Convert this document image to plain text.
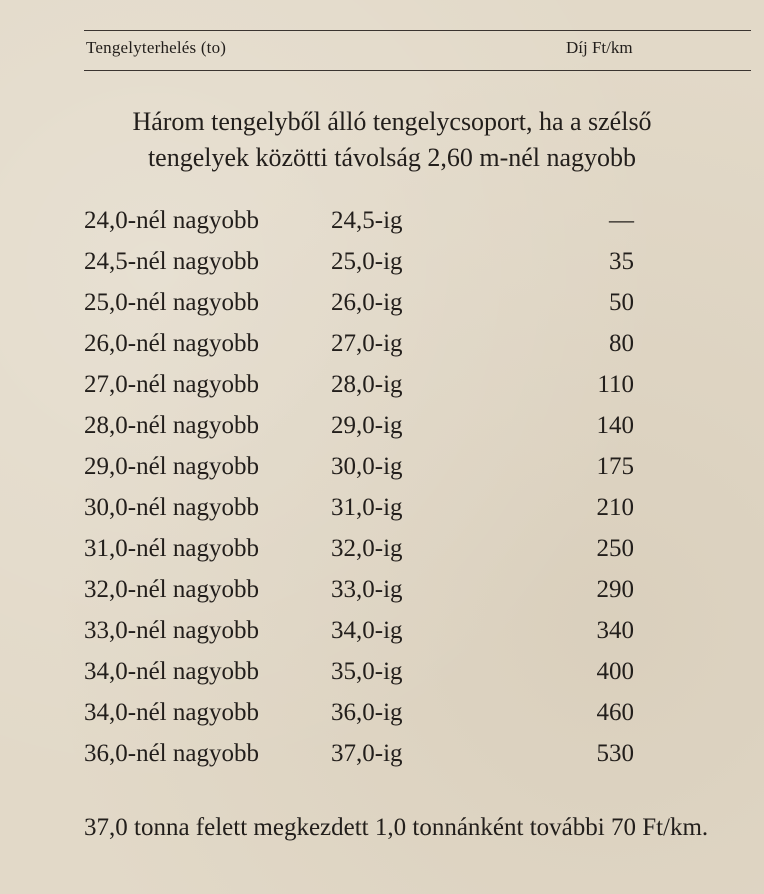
Tengelyterhelés (to)	Díj Ft/km
Három tengelyből álló tengelycsoport, ha a szélső
tengelyek közötti távolság 2,60 m-nél nagyobb
24,0-nél nagyobb	24,5-ig	—
24,5-nél nagyobb	25,0-ig	35
25,0-nél nagyobb	26,0-ig	50
26,0-nél nagyobb	27,0-ig	80
27,0-nél nagyobb	28,0-ig	110
28,0-nél nagyobb	29,0-ig	140
29,0-nél nagyobb	30,0-ig	175
30,0-nél nagyobb	31,0-ig	210
31,0-nél nagyobb	32,0-ig	250
32,0-nél nagyobb	33,0-ig	290
33,0-nél nagyobb	34,0-ig	340
34,0-nél nagyobb	35,0-ig	400
34,0-nél nagyobb	36,0-ig	460
36,0-nél nagyobb	37,0-ig	530
37,0 tonna felett megkezdett 1,0 tonnánként további 70 Ft/km.
